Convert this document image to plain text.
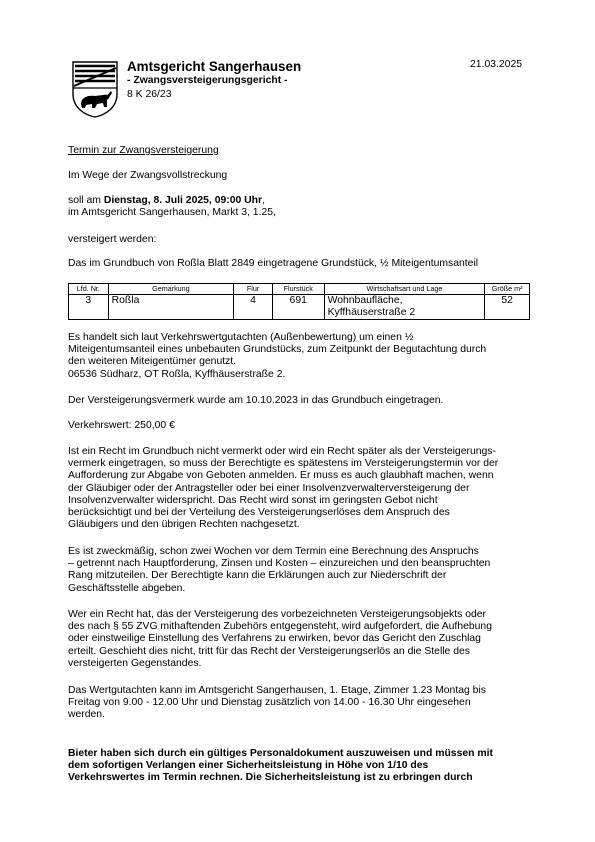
Amtsgericht Sangerhausen
- Zwangsversteigerungsgericht -
8 K 26/23
21.03.2025

Termin zur Zwangsversteigerung

Im Wege der Zwangsvollstreckung

soll am Dienstag, 8. Juli 2025, 09:00 Uhr,
im Amtsgericht Sangerhausen, Markt 3, 1.25,

versteigert werden:

Das im Grundbuch von Roßla Blatt 2849 eingetragene Grundstück, ½ Miteigentumsanteil

Lfd. Nr.	Gemarkung	Flur	Flurstück	Wirtschaftsart und Lage	Größe m²
3	Roßla	4	691	Wohnbaufläche,
Kyffhäuserstraße 2	52

Es handelt sich laut Verkehrswertgutachten (Außenbewertung) um einen ½
Miteigentumsanteil eines unbebauten Grundstücks, zum Zeitpunkt der Begutachtung durch
den weiteren Miteigentümer genutzt.
06536 Südharz, OT Roßla, Kyffhäuserstraße 2.

Der Versteigerungsvermerk wurde am 10.10.2023 in das Grundbuch eingetragen.

Verkehrswert: 250,00 €

Ist ein Recht im Grundbuch nicht vermerkt oder wird ein Recht später als der Versteigerungs-
vermerk eingetragen, so muss der Berechtigte es spätestens im Versteigerungstermin vor der
Aufforderung zur Abgabe von Geboten anmelden. Er muss es auch glaubhaft machen, wenn
der Gläubiger oder der Antragsteller oder bei einer Insolvenzverwalterversteigerung der
Insolvenzverwalter widerspricht. Das Recht wird sonst im geringsten Gebot nicht
berücksichtigt und bei der Verteilung des Versteigerungserlöses dem Anspruch des
Gläubigers und den übrigen Rechten nachgesetzt.

Es ist zweckmäßig, schon zwei Wochen vor dem Termin eine Berechnung des Anspruchs
– getrennt nach Hauptforderung, Zinsen und Kosten – einzureichen und den beanspruchten
Rang mitzuteilen. Der Berechtigte kann die Erklärungen auch zur Niederschrift der
Geschäftsstelle abgeben.

Wer ein Recht hat, das der Versteigerung des vorbezeichneten Versteigerungsobjekts oder
des nach § 55 ZVG mithaftenden Zubehörs entgegensteht, wird aufgefordert, die Aufhebung
oder einstweilige Einstellung des Verfahrens zu erwirken, bevor das Gericht den Zuschlag
erteilt. Geschieht dies nicht, tritt für das Recht der Versteigerungserlös an die Stelle des
versteigerten Gegenstandes.

Das Wertgutachten kann im Amtsgericht Sangerhausen, 1. Etage, Zimmer 1.23 Montag bis
Freitag von 9.00 - 12.00 Uhr und Dienstag zusätzlich von 14.00 - 16.30 Uhr eingesehen
werden.

Bieter haben sich durch ein gültiges Personaldokument auszuweisen und müssen mit
dem sofortigen Verlangen einer Sicherheitsleistung in Höhe von 1/10 des
Verkehrswertes im Termin rechnen. Die Sicherheitsleistung ist zu erbringen durch
